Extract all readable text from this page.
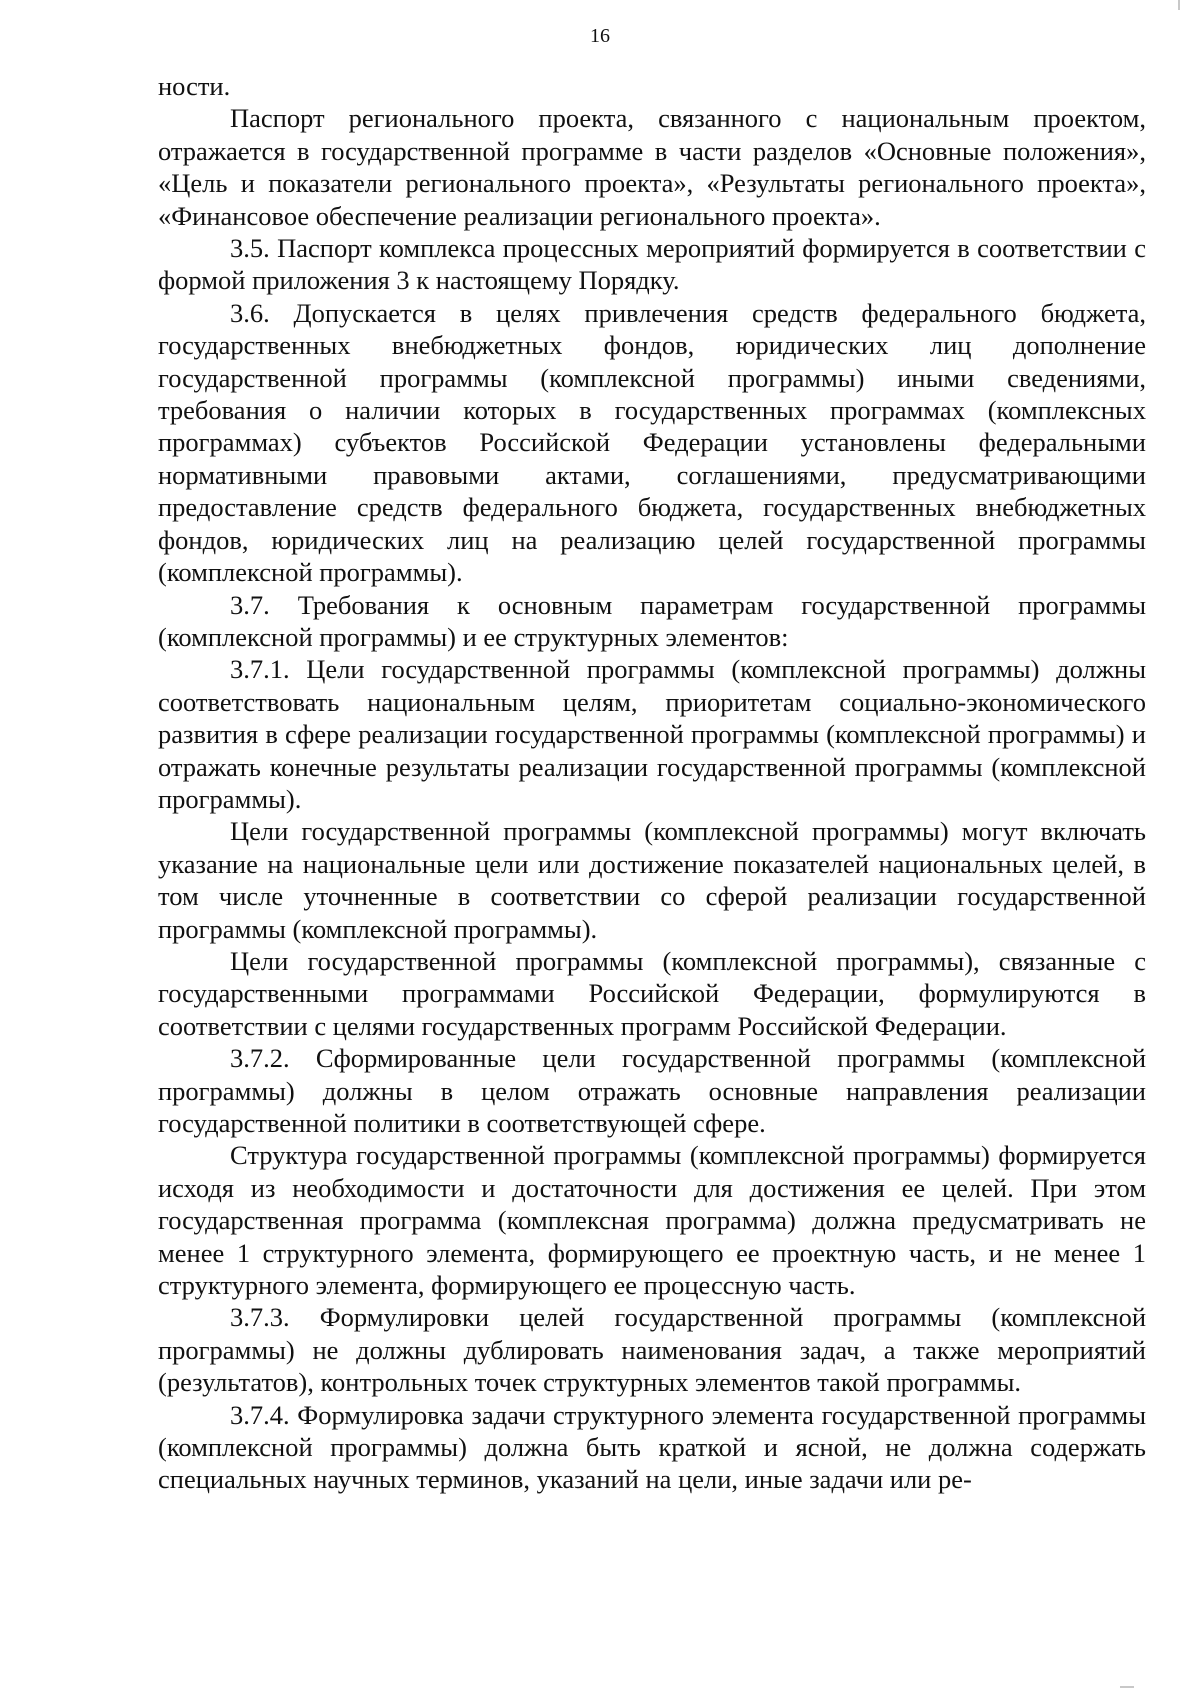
16

ности.

Паспорт регионального проекта, связанного с национальным проектом, отражается в государственной программе в части разделов «Основные положения», «Цель и показатели регионального проекта», «Результаты регионального проекта», «Финансовое обеспечение реализации регионального проекта».

3.5. Паспорт комплекса процессных мероприятий формируется в соответствии с формой приложения 3 к настоящему Порядку.

3.6. Допускается в целях привлечения средств федерального бюджета, государственных внебюджетных фондов, юридических лиц дополнение государственной программы (комплексной программы) иными сведениями, требования о наличии которых в государственных программах (комплексных программах) субъектов Российской Федерации установлены федеральными нормативными правовыми актами, соглашениями, предусматривающими предоставление средств федерального бюджета, государственных внебюджетных фондов, юридических лиц на реализацию целей государственной программы (комплексной программы).

3.7. Требования к основным параметрам государственной программы (комплексной программы) и ее структурных элементов:

3.7.1. Цели государственной программы (комплексной программы) должны соответствовать национальным целям, приоритетам социально-экономического развития в сфере реализации государственной программы (комплексной программы) и отражать конечные результаты реализации государственной программы (комплексной программы).

Цели государственной программы (комплексной программы) могут включать указание на национальные цели или достижение показателей национальных целей, в том числе уточненные в соответствии со сферой реализации государственной программы (комплексной программы).

Цели государственной программы (комплексной программы), связанные с государственными программами Российской Федерации, формулируются в соответствии с целями государственных программ Российской Федерации.

3.7.2. Сформированные цели государственной программы (комплексной программы) должны в целом отражать основные направления реализации государственной политики в соответствующей сфере.

Структура государственной программы (комплексной программы) формируется исходя из необходимости и достаточности для достижения ее целей. При этом государственная программа (комплексная программа) должна предусматривать не менее 1 структурного элемента, формирующего ее проектную часть, и не менее 1 структурного элемента, формирующего ее процессную часть.

3.7.3. Формулировки целей государственной программы (комплексной программы) не должны дублировать наименования задач, а также мероприятий (результатов), контрольных точек структурных элементов такой программы.

3.7.4. Формулировка задачи структурного элемента государственной программы (комплексной программы) должна быть краткой и ясной, не должна содержать специальных научных терминов, указаний на цели, иные задачи или ре-
